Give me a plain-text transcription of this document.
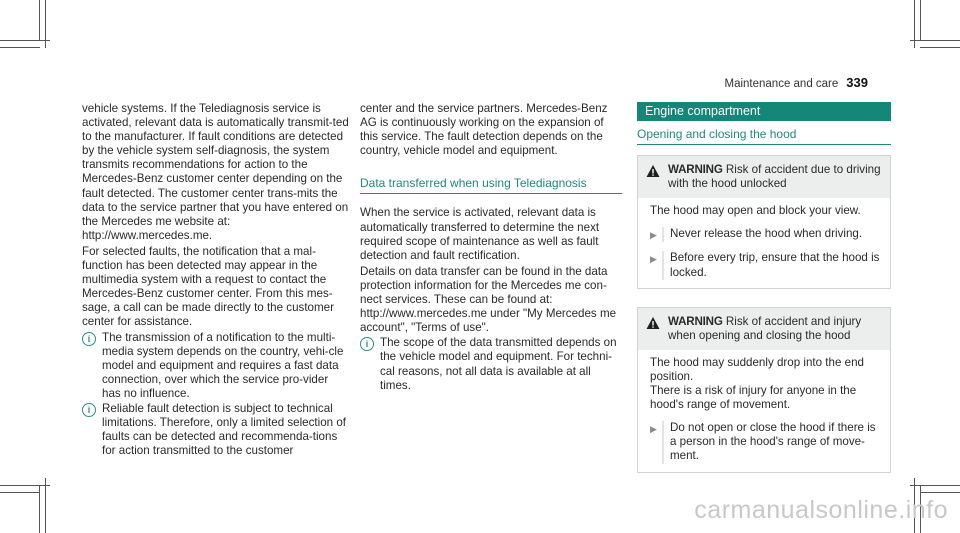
Maintenance and care 339

vehicle systems. If the Telediagnosis service is activated, relevant data is automatically transmit-ted to the manufacturer. If fault conditions are detected by the vehicle system self-diagnosis, the system transmits recommendations for action to the Mercedes-Benz customer center depending on the fault detected. The customer center trans-mits the data to the service partner that you have entered on the Mercedes me website at: http://www.mercedes.me.

For selected faults, the notification that a mal-function has been detected may appear in the multimedia system with a request to contact the Mercedes-Benz customer center. From this mes-sage, a call can be made directly to the customer center for assistance.

i	The transmission of a notification to the multi-media system depends on the country, vehi-cle model and equipment and requires a fast data connection, over which the service pro-vider has no influence.
i	Reliable fault detection is subject to technical limitations. Therefore, only a limited selection of faults can be detected and recommenda-tions for action transmitted to the customer

center and the service partners. Mercedes-Benz AG is continuously working on the expansion of this service. The fault detection depends on the country, vehicle model and equipment.

Data transferred when using Telediagnosis

When the service is activated, relevant data is automatically transferred to determine the next required scope of maintenance as well as fault detection and fault rectification.

Details on data transfer can be found in the data protection information for the Mercedes me con-nect services. These can be found at: http://www.mercedes.me under "My Mercedes me account", "Terms of use".

i	The scope of the data transmitted depends on the vehicle model and equipment. For techni-cal reasons, not all data is available at all times.
Engine compartment
Opening and closing the hood
WARNING Risk of accident due to driving with the hood unlocked

The hood may open and block your view.

▶	Never release the hood when driving.
▶	Before every trip, ensure that the hood is locked.
WARNING Risk of accident and injury when opening and closing the hood

The hood may suddenly drop into the end position.

There is a risk of injury for anyone in the hood's range of movement.

▶	Do not open or close the hood if there is a person in the hood's range of move-ment.
carmanualsonline.info
